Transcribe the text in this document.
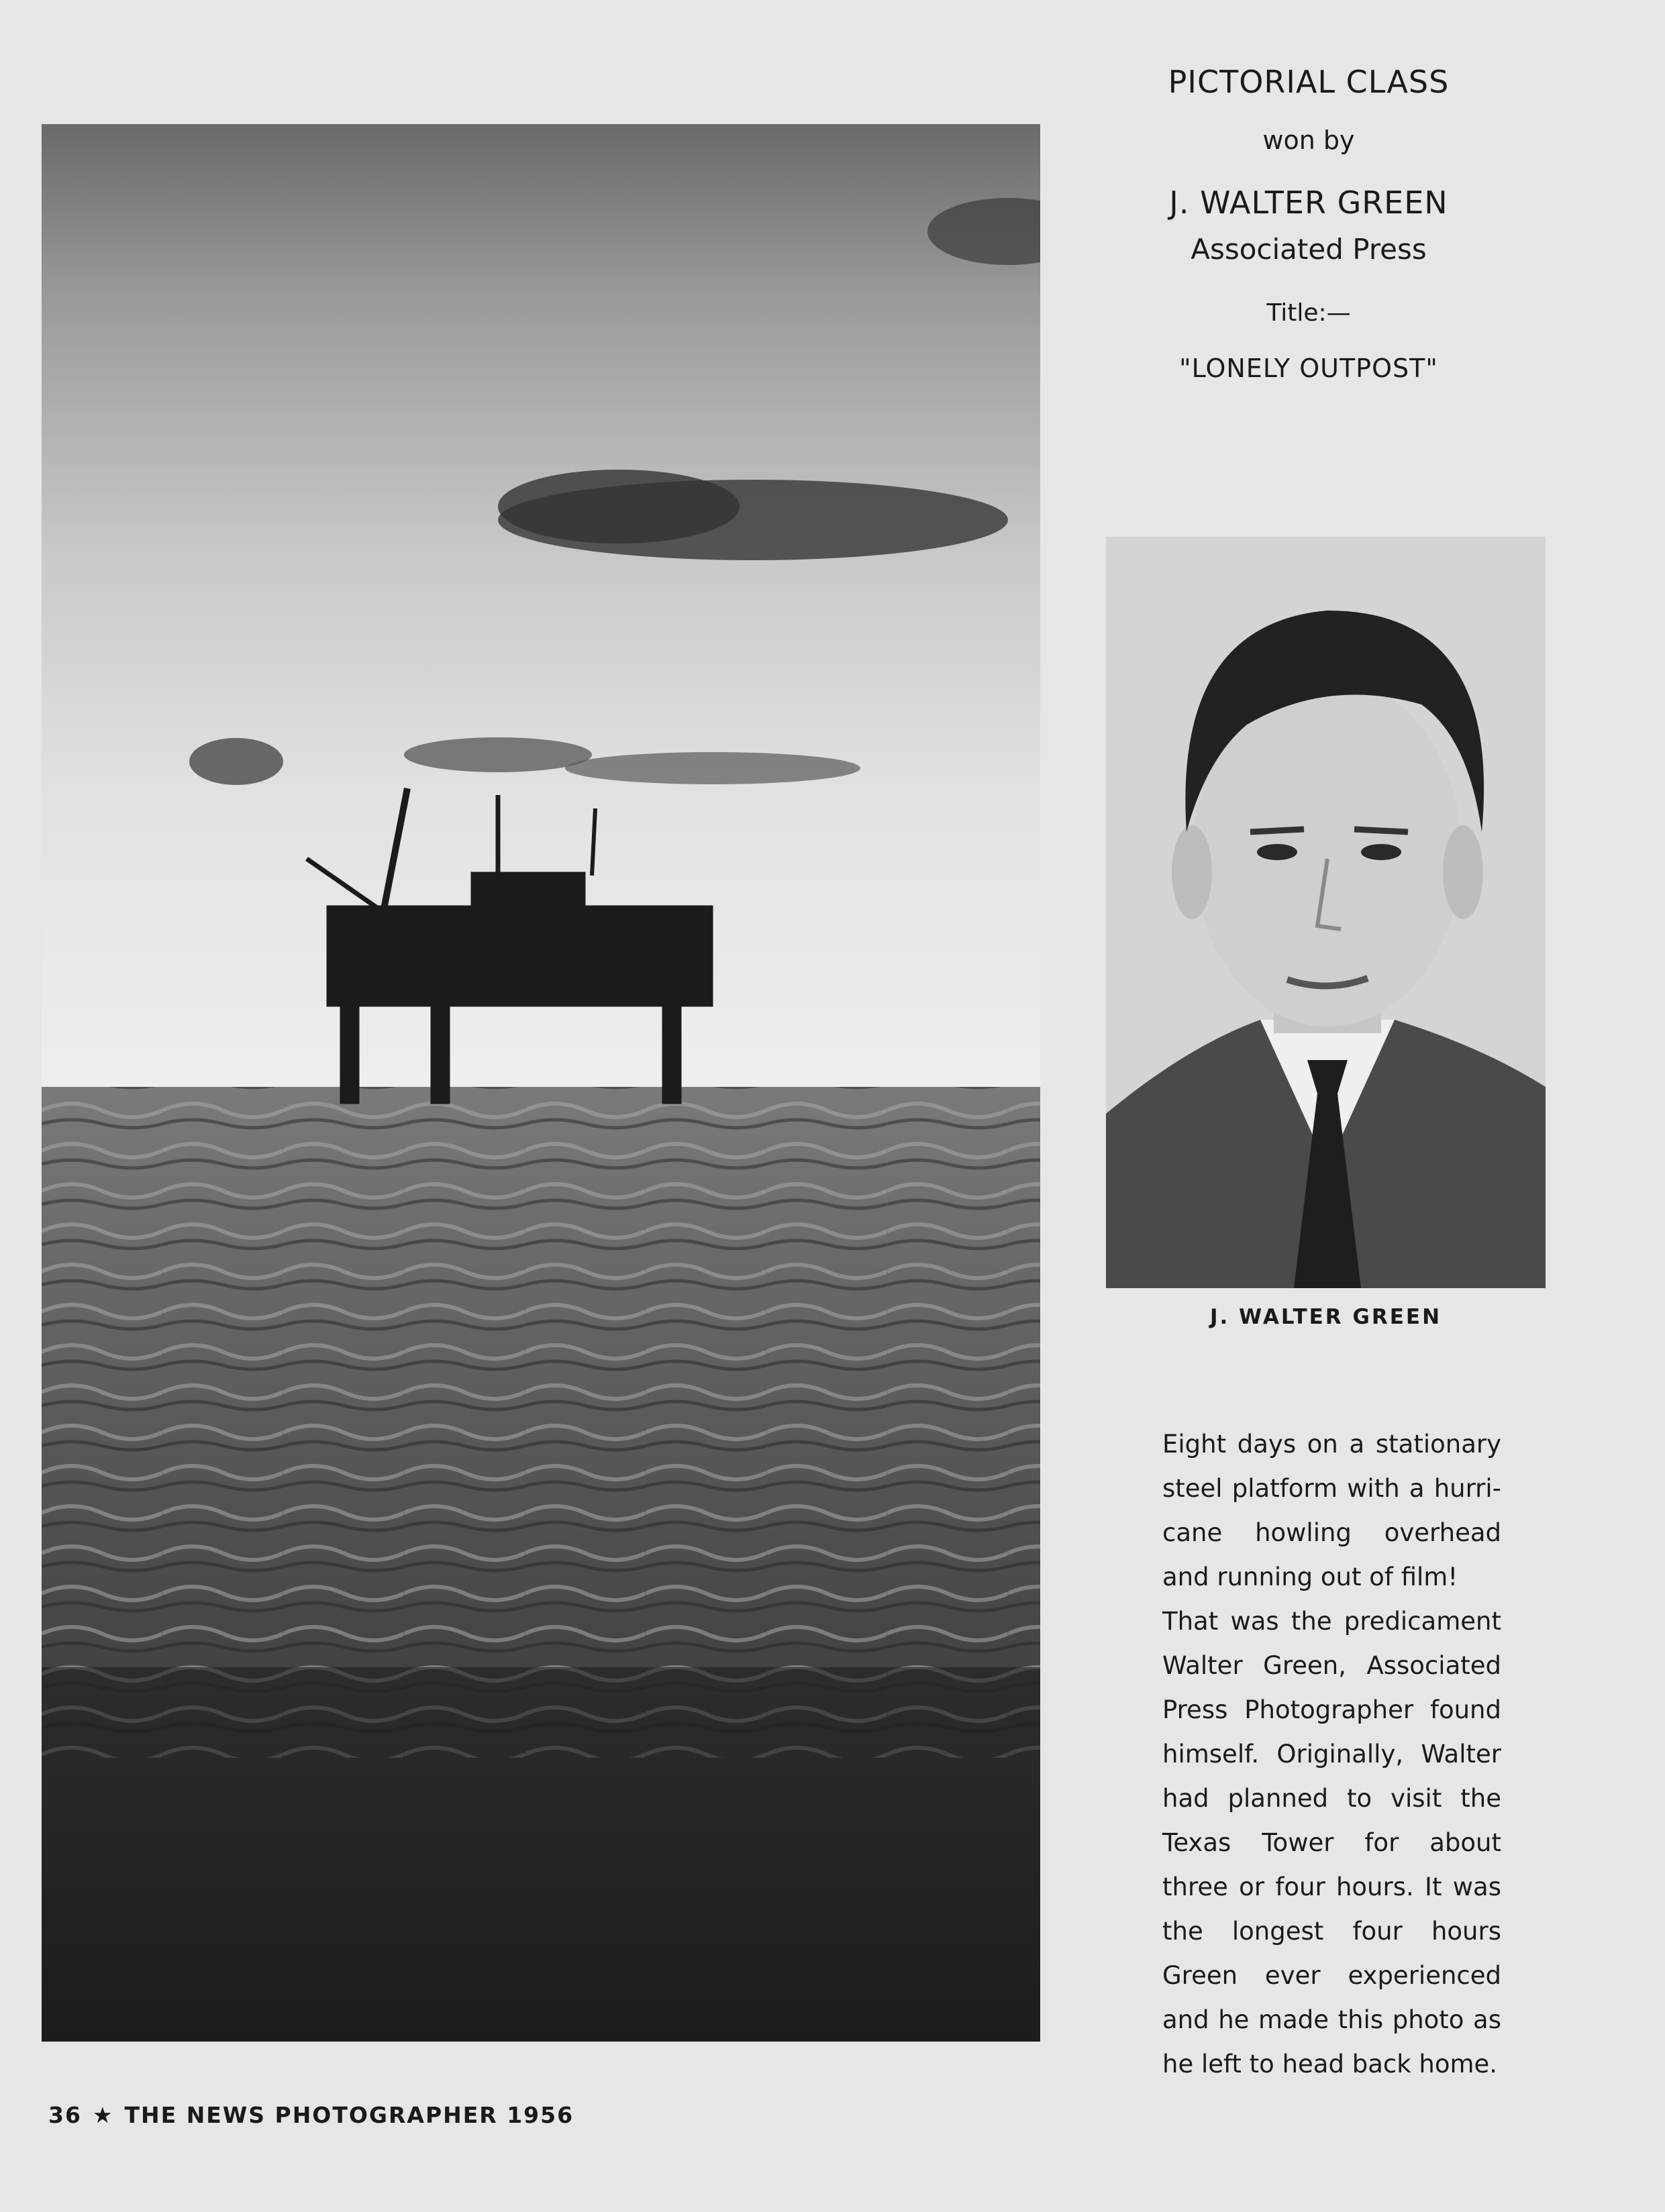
PICTORIAL CLASS
won by
J. WALTER GREEN
Associated Press
Title:—
"LONELY OUTPOST"
J. WALTER GREEN

Eight days on a stationary steel platform with a hurri-cane howling overhead and running out of film!

That was the predicament Walter Green, Associated Press Photographer found himself. Originally, Walter had planned to visit the Texas Tower for about three or four hours. It was the longest four hours Green ever experienced and he made this photo as he left to head back home.

36 ★ THE NEWS PHOTOGRAPHER 1956
